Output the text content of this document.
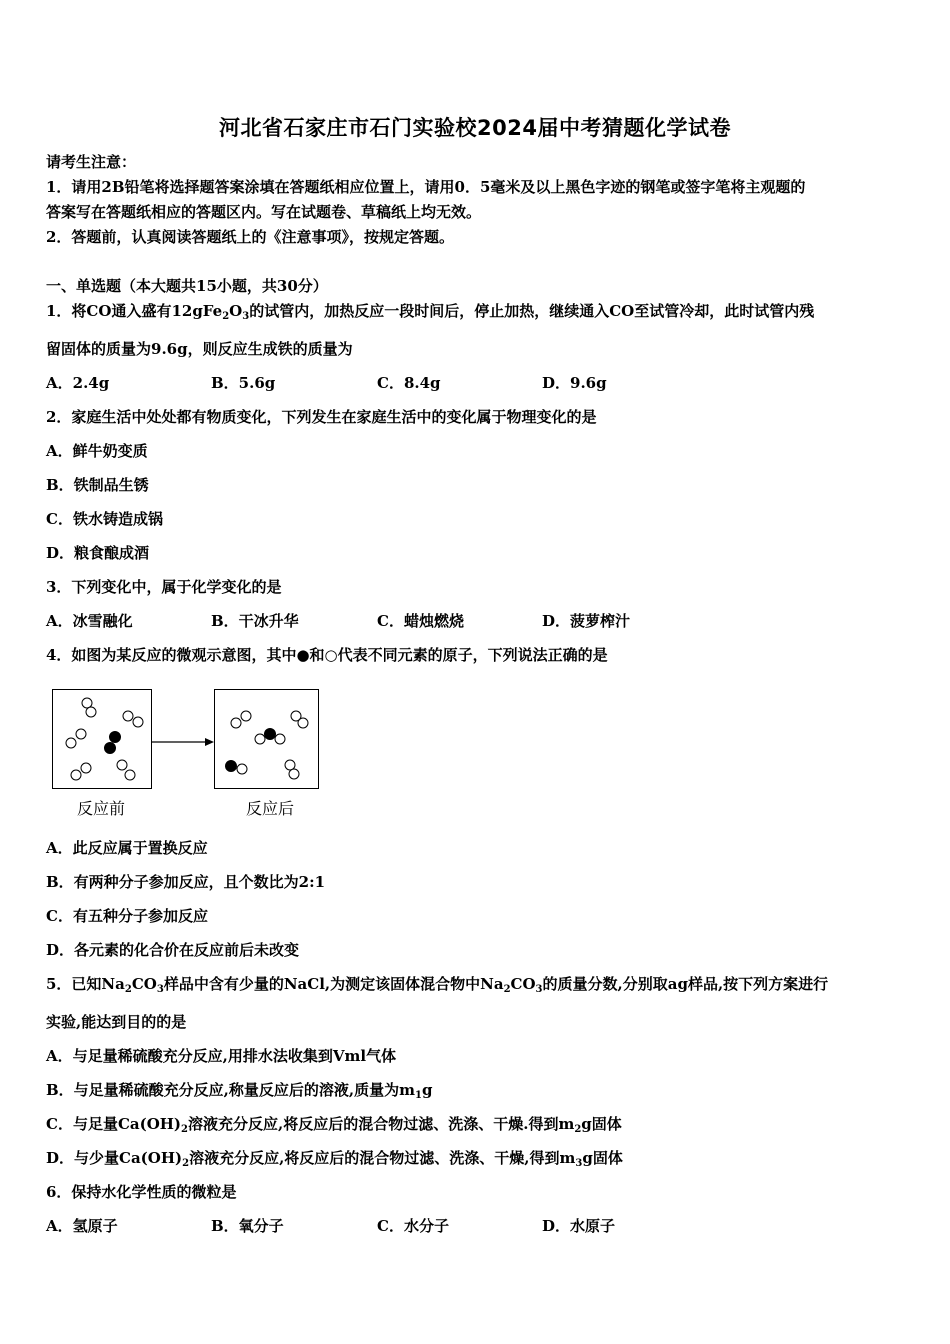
河北省石家庄市石门实验校2024届中考猜题化学试卷
请考生注意：
1．请用2B铅笔将选择题答案涂填在答题纸相应位置上，请用0．5毫米及以上黑色字迹的钢笔或签字笔将主观题的
答案写在答题纸相应的答题区内。写在试题卷、草稿纸上均无效。
2．答题前，认真阅读答题纸上的《注意事项》，按规定答题。
一、单选题（本大题共15小题，共30分）
1．将CO通入盛有$12gFe_2O_3$的试管内，加热反应一段时间后，停止加热，继续通入CO至试管冷却，此时试管内残
留固体的质量为9.6g，则反应生成铁的质量为
A．2.4g	B．5.6g	C．8.4g	D．9.6g
2．家庭生活中处处都有物质变化，下列发生在家庭生活中的变化属于物理变化的是
A．鲜牛奶变质
B．铁制品生锈
C．铁水铸造成锅
D．粮食酿成酒
3．下列变化中，属于化学变化的是
A．冰雪融化	B．干冰升华	C．蜡烛燃烧	D．菠萝榨汁
4．如图为某反应的微观示意图，其中●和○代表不同元素的原子，下列说法正确的是
反应前	反应后
A．此反应属于置换反应
B．有两种分子参加反应，且个数比为2:1
C．有五种分子参加反应
D．各元素的化合价在反应前后未改变
5．已知$Na_2CO_3$样品中含有少量的NaCl,为测定该固体混合物中$Na_2CO_3$的质量分数,分别取ag样品,按下列方案进行
实验,能达到目的的是
A．与足量稀硫酸充分反应,用排水法收集到Vml气体
B．与足量稀硫酸充分反应,称量反应后的溶液,质量为$m_1g$
C．与足量$Ca(OH)_2$溶液充分反应,将反应后的混合物过滤、洗涤、干燥.得到$m_2g$固体
D．与少量$Ca(OH)_2$溶液充分反应,将反应后的混合物过滤、洗涤、干燥,得到$m_3g$固体
6．保持水化学性质的微粒是
A．氢原子	B．氧分子	C．水分子	D．水原子
